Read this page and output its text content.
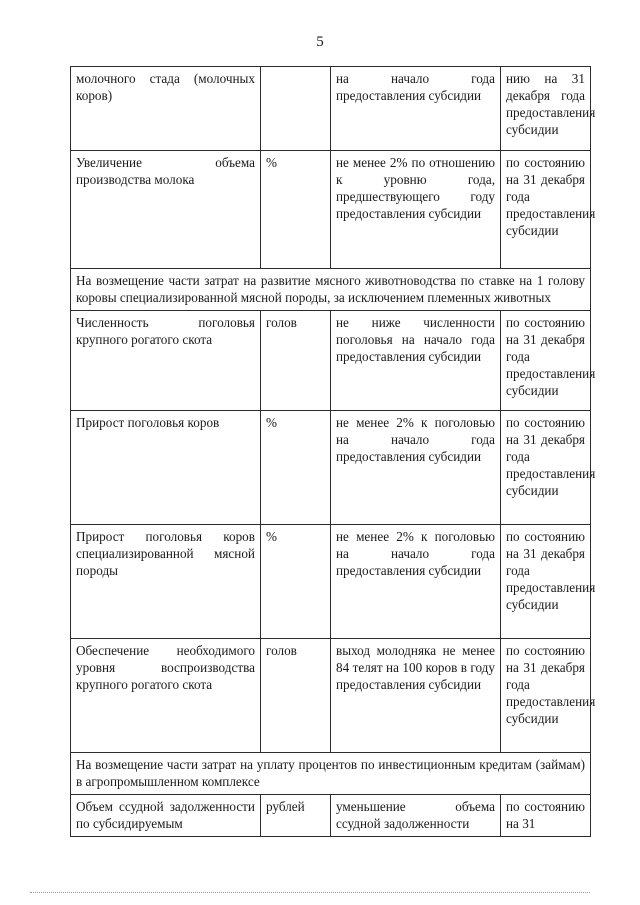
5
молочного стада (молочных коров)		на начало года предоставления субсидии	нию на 31 декабря года предоставления субсидии
Увеличение объема производства молока	%	не менее 2% по отношению к уровню года, предшествующего году предоставления субсидии	по состоянию на 31 декабря года предоставления субсидии
На возмещение части затрат на развитие мясного животноводства по ставке на 1 голову коровы специализированной мясной породы, за исключением племенных животных			
Численность поголовья крупного рогатого скота	голов	не ниже численности поголовья на начало года предоставления субсидии	по состоянию на 31 декабря года предоставления субсидии
Прирост поголовья коров	%	не менее 2% к поголовью на начало года предоставления субсидии	по состоянию на 31 декабря года предоставления субсидии
Прирост поголовья коров специализированной мясной породы	%	не менее 2% к поголовью на начало года предоставления субсидии	по состоянию на 31 декабря года предоставления субсидии
Обеспечение необходимого уровня воспроизводства крупного рогатого скота	голов	выход молодняка не менее 84 телят на 100 коров в году предоставления субсидии	по состоянию на 31 декабря года предоставления субсидии
На возмещение части затрат на уплату процентов по инвестиционным кредитам (займам) в агропромышленном комплексе			
Объем ссудной задолженности по субсидируемым	рублей	уменьшение объема ссудной задолженности	по состоянию на 31
